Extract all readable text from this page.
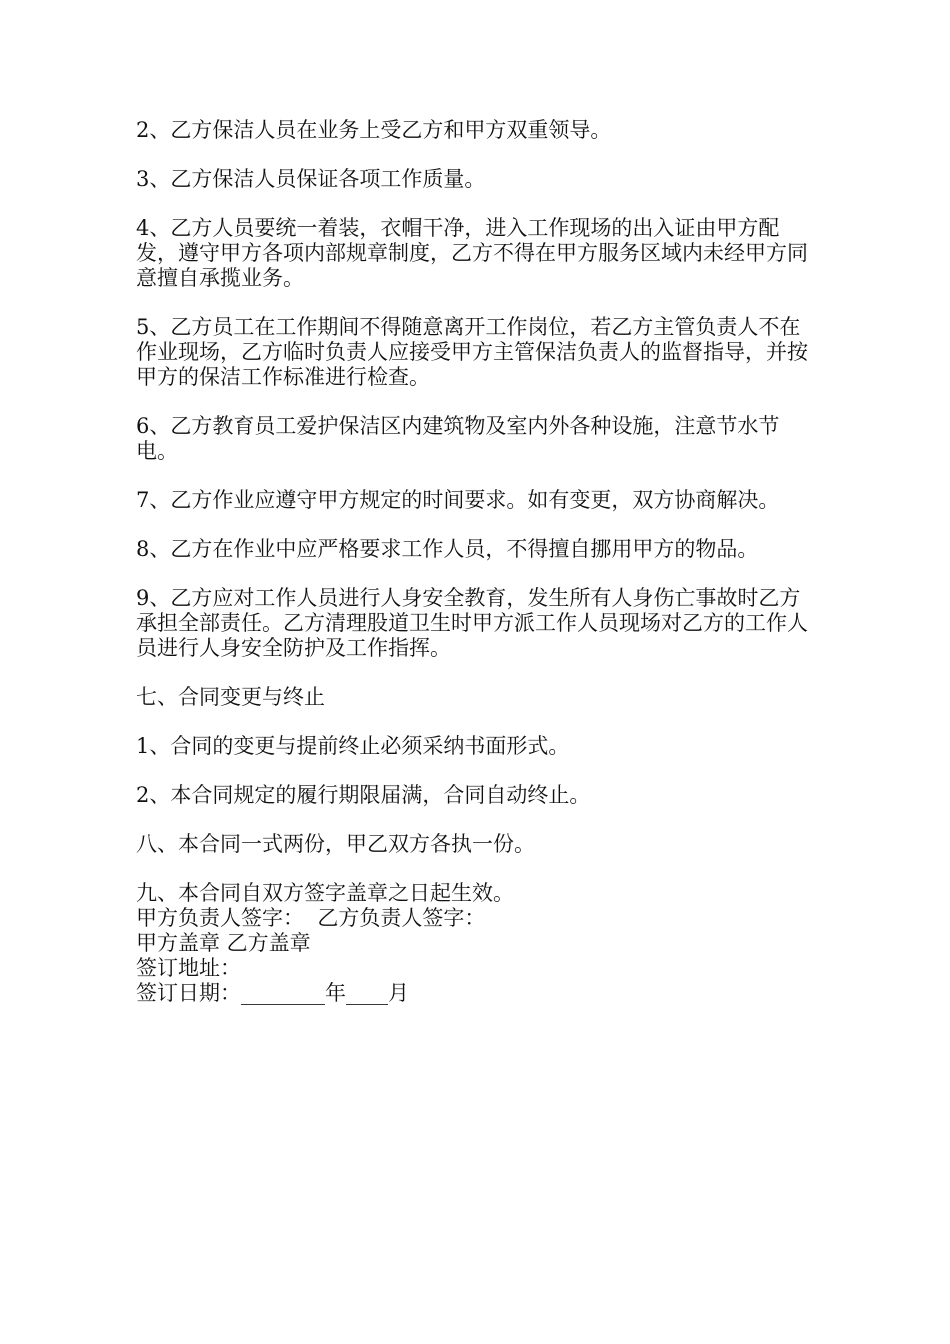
2、乙方保洁人员在业务上受乙方和甲方双重领导。

3、乙方保洁人员保证各项工作质量。

4、乙方人员要统一着装，衣帽干净，进入工作现场的出入证由甲方配发，遵守甲方各项内部规章制度，乙方不得在甲方服务区域内未经甲方同意擅自承揽业务。

5、乙方员工在工作期间不得随意离开工作岗位，若乙方主管负责人不在作业现场，乙方临时负责人应接受甲方主管保洁负责人的监督指导，并按甲方的保洁工作标准进行检查。

6、乙方教育员工爱护保洁区内建筑物及室内外各种设施，注意节水节电。

7、乙方作业应遵守甲方规定的时间要求。如有变更，双方协商解决。

8、乙方在作业中应严格要求工作人员，不得擅自挪用甲方的物品。

9、乙方应对工作人员进行人身安全教育，发生所有人身伤亡事故时乙方承担全部责任。乙方清理股道卫生时甲方派工作人员现场对乙方的工作人员进行人身安全防护及工作指挥。

七、合同变更与终止

1、合同的变更与提前终止必须采纳书面形式。

2、本合同规定的履行期限届满，合同自动终止。

八、本合同一式两份，甲乙双方各执一份。

九、本合同自双方签字盖章之日起生效。

甲方负责人签字：  乙方负责人签字：

甲方盖章 乙方盖章

签订地址：

签订日期：________年____月
